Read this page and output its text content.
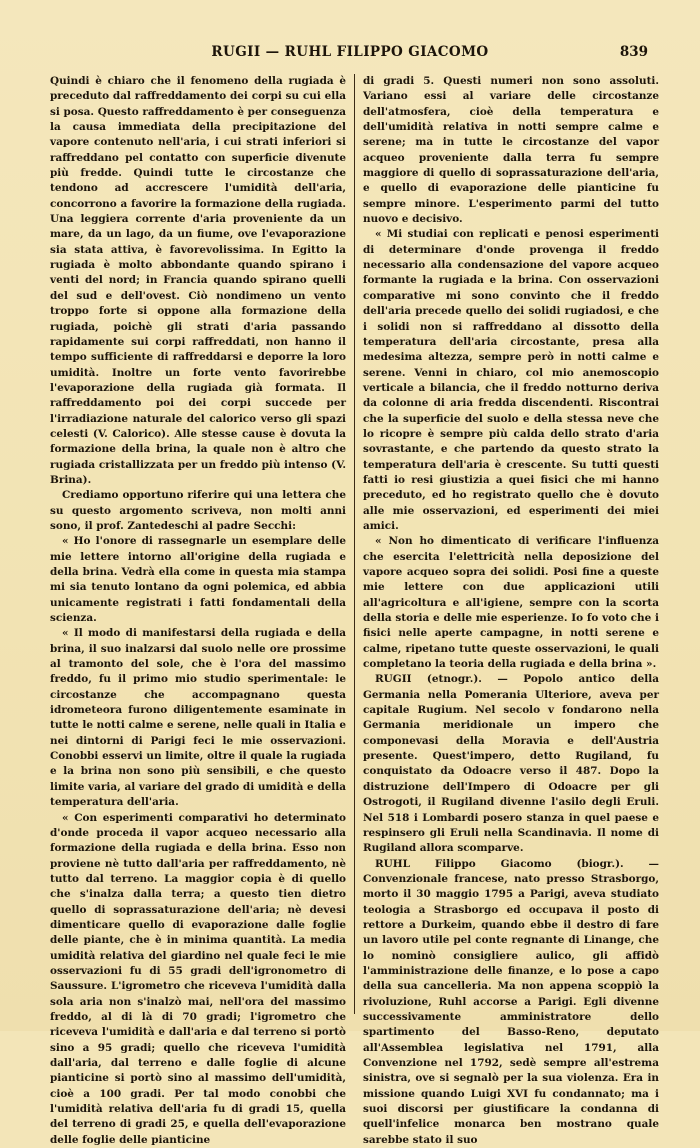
RUGII — RUHL FILIPPO GIACOMO	839

Quindi è chiaro che il fenomeno della rugiada è preceduto dal raffreddamento dei corpi su cui ella si posa. Questo raffreddamento è per conseguenza la causa immediata della precipitazione del vapore contenuto nell'aria, i cui strati inferiori si raffreddano pel contatto con superficie divenute più fredde. Quindi tutte le circostanze che tendono ad accrescere l'umidità dell'aria, concorrono a favorire la formazione della rugiada. Una leggiera corrente d'aria proveniente da un mare, da un lago, da un fiume, ove l'evaporazione sia stata attiva, è favorevolissima. In Egitto la rugiada è molto abbondante quando spirano i venti del nord; in Francia quando spirano quelli del sud e dell'ovest. Ciò nondimeno un vento troppo forte si oppone alla formazione della rugiada, poichè gli strati d'aria passando rapidamente sui corpi raffreddati, non hanno il tempo sufficiente di raffreddarsi e deporre la loro umidità. Inoltre un forte vento favorirebbe l'evaporazione della rugiada già formata. Il raffreddamento poi dei corpi succede per l'irradiazione naturale del calorico verso gli spazi celesti (V. Calorico). Alle stesse cause è dovuta la formazione della brina, la quale non è altro che rugiada cristallizzata per un freddo più intenso (V. Brina).

Crediamo opportuno riferire qui una lettera che su questo argomento scriveva, non molti anni sono, il prof. Zantedeschi al padre Secchi:

« Ho l'onore di rassegnarle un esemplare delle mie lettere intorno all'origine della rugiada e della brina. Vedrà ella come in questa mia stampa mi sia tenuto lontano da ogni polemica, ed abbia unicamente registrati i fatti fondamentali della scienza.

« Il modo di manifestarsi della rugiada e della brina, il suo inalzarsi dal suolo nelle ore prossime al tramonto del sole, che è l'ora del massimo freddo, fu il primo mio studio sperimentale: le circostanze che accompagnano questa idrometeora furono diligentemente esaminate in tutte le notti calme e serene, nelle quali in Italia e nei dintorni di Parigi feci le mie osservazioni. Conobbi esservi un limite, oltre il quale la rugiada e la brina non sono più sensibili, e che questo limite varia, al variare del grado di umidità e della temperatura dell'aria.

« Con esperimenti comparativi ho determinato d'onde proceda il vapor acqueo necessario alla formazione della rugiada e della brina. Esso non proviene nè tutto dall'aria per raffreddamento, nè tutto dal terreno. La maggior copia è di quello che s'inalza dalla terra; a questo tien dietro quello di soprassaturazione dell'aria; nè devesi dimenticare quello di evaporazione dalle foglie delle piante, che è in minima quantità. La media umidità relativa del giardino nel quale feci le mie osservazioni fu di 55 gradi dell'igronometro di Saussure. L'igrometro che riceveva l'umidità dalla sola aria non s'inalzò mai, nell'ora del massimo freddo, al di là di 70 gradi; l'igrometro che riceveva l'umidità e dall'aria e dal terreno si portò sino a 95 gradi; quello che riceveva l'umidità dall'aria, dal terreno e dalle foglie di alcune pianticine si portò sino al massimo dell'umidità, cioè a 100 gradi. Per tal modo conobbi che l'umidità relativa dell'aria fu di gradi 15, quella del terreno di gradi 25, e quella dell'evaporazione delle foglie delle pianticine

di gradi 5. Questi numeri non sono assoluti. Variano essi al variare delle circostanze dell'atmosfera, cioè della temperatura e dell'umidità relativa in notti sempre calme e serene; ma in tutte le circostanze del vapor acqueo proveniente dalla terra fu sempre maggiore di quello di soprassaturazione dell'aria, e quello di evaporazione delle pianticine fu sempre minore. L'esperimento parmi del tutto nuovo e decisivo.

« Mi studiai con replicati e penosi esperimenti di determinare d'onde provenga il freddo necessario alla condensazione del vapore acqueo formante la rugiada e la brina. Con osservazioni comparative mi sono convinto che il freddo dell'aria precede quello dei solidi rugiadosi, e che i solidi non si raffreddano al dissotto della temperatura dell'aria circostante, presa alla medesima altezza, sempre però in notti calme e serene. Venni in chiaro, col mio anemoscopio verticale a bilancia, che il freddo notturno deriva da colonne di aria fredda discendenti. Riscontrai che la superficie del suolo e della stessa neve che lo ricopre è sempre più calda dello strato d'aria sovrastante, e che partendo da questo strato la temperatura dell'aria è crescente. Su tutti questi fatti io resi giustizia a quei fisici che mi hanno preceduto, ed ho registrato quello che è dovuto alle mie osservazioni, ed esperimenti dei miei amici.

« Non ho dimenticato di verificare l'influenza che esercita l'elettricità nella deposizione del vapore acqueo sopra dei solidi. Posi fine a queste mie lettere con due applicazioni utili all'agricoltura e all'igiene, sempre con la scorta della storia e delle mie esperienze. Io fo voto che i fisici nelle aperte campagne, in notti serene e calme, ripetano tutte queste osservazioni, le quali completano la teoria della rugiada e della brina ».

RUGII (etnogr.). — Popolo antico della Germania nella Pomerania Ulteriore, aveva per capitale Rugium. Nel secolo v fondarono nella Germania meridionale un impero che componevasi della Moravia e dell'Austria presente. Quest'impero, detto Rugiland, fu conquistato da Odoacre verso il 487. Dopo la distruzione dell'Impero di Odoacre per gli Ostrogoti, il Rugiland divenne l'asilo degli Eruli. Nel 518 i Lombardi posero stanza in quel paese e respinsero gli Eruli nella Scandinavia. Il nome di Rugiland allora scomparve.

RUHL Filippo Giacomo (biogr.). — Convenzionale francese, nato presso Strasborgo, morto il 30 maggio 1795 a Parigi, aveva studiato teologia a Strasborgo ed occupava il posto di rettore a Durkeim, quando ebbe il destro di fare un lavoro utile pel conte regnante di Linange, che lo nominò consigliere aulico, gli affidò l'amministrazione delle finanze, e lo pose a capo della sua cancelleria. Ma non appena scoppiò la rivoluzione, Ruhl accorse a Parigi. Egli divenne successivamente amministratore dello spartimento del Basso-Reno, deputato all'Assemblea legislativa nel 1791, alla Convenzione nel 1792, sedè sempre all'estrema sinistra, ove si segnalò per la sua violenza. Era in missione quando Luigi XVI fu condannato; ma i suoi discorsi per giustificare la condanna di quell'infelice monarca ben mostrano quale sarebbe stato il suo
